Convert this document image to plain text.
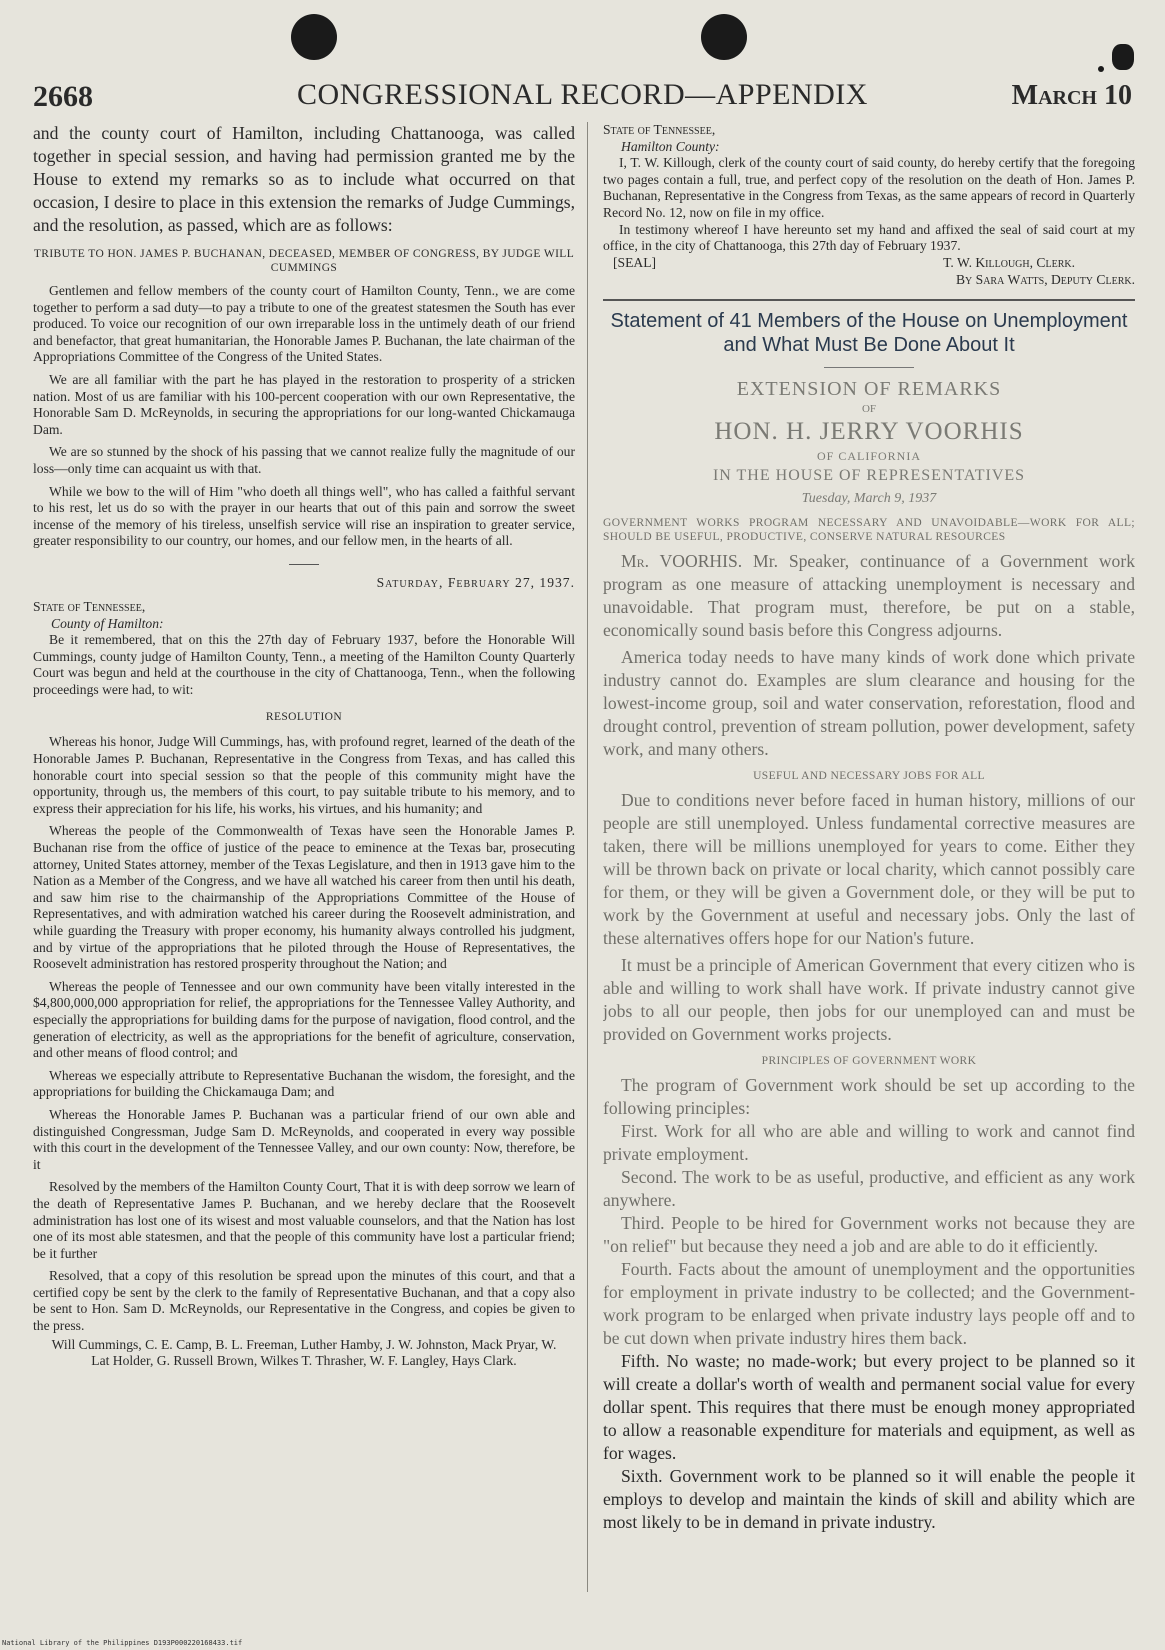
2668	CONGRESSIONAL RECORD—APPENDIX	March 10

and the county court of Hamilton, including Chattanooga, was called together in special session, and having had permission granted me by the House to extend my remarks so as to include what occurred on that occasion, I desire to place in this extension the remarks of Judge Cummings, and the resolution, as passed, which are as follows:

TRIBUTE TO HON. JAMES P. BUCHANAN, DECEASED, MEMBER OF CONGRESS, BY JUDGE WILL CUMMINGS

Gentlemen and fellow members of the county court of Hamilton County, Tenn., we are come together to perform a sad duty—to pay a tribute to one of the greatest statesmen the South has ever produced. To voice our recognition of our own irreparable loss in the untimely death of our friend and benefactor, that great humanitarian, the Honorable James P. Buchanan, the late chairman of the Appropriations Committee of the Congress of the United States.

We are all familiar with the part he has played in the restoration to prosperity of a stricken nation. Most of us are familiar with his 100-percent cooperation with our own Representative, the Honorable Sam D. McReynolds, in securing the appropriations for our long-wanted Chickamauga Dam.

We are so stunned by the shock of his passing that we cannot realize fully the magnitude of our loss—only time can acquaint us with that.

While we bow to the will of Him "who doeth all things well", who has called a faithful servant to his rest, let us do so with the prayer in our hearts that out of this pain and sorrow the sweet incense of the memory of his tireless, unselfish service will rise an inspiration to greater service, greater responsibility to our country, our homes, and our fellow men, in the hearts of all.

Saturday, February 27, 1937.

State of Tennessee,

County of Hamilton:

Be it remembered, that on this the 27th day of February 1937, before the Honorable Will Cummings, county judge of Hamilton County, Tenn., a meeting of the Hamilton County Quarterly Court was begun and held at the courthouse in the city of Chattanooga, Tenn., when the following proceedings were had, to wit:

RESOLUTION

Whereas his honor, Judge Will Cummings, has, with profound regret, learned of the death of the Honorable James P. Buchanan, Representative in the Congress from Texas, and has called this honorable court into special session so that the people of this community might have the opportunity, through us, the members of this court, to pay suitable tribute to his memory, and to express their appreciation for his life, his works, his virtues, and his humanity; and

Whereas the people of the Commonwealth of Texas have seen the Honorable James P. Buchanan rise from the office of justice of the peace to eminence at the Texas bar, prosecuting attorney, United States attorney, member of the Texas Legislature, and then in 1913 gave him to the Nation as a Member of the Congress, and we have all watched his career from then until his death, and saw him rise to the chairmanship of the Appropriations Committee of the House of Representatives, and with admiration watched his career during the Roosevelt administration, and while guarding the Treasury with proper economy, his humanity always controlled his judgment, and by virtue of the appropriations that he piloted through the House of Representatives, the Roosevelt administration has restored prosperity throughout the Nation; and

Whereas the people of Tennessee and our own community have been vitally interested in the $4,800,000,000 appropriation for relief, the appropriations for the Tennessee Valley Authority, and especially the appropriations for building dams for the purpose of navigation, flood control, and the generation of electricity, as well as the appropriations for the benefit of agriculture, conservation, and other means of flood control; and

Whereas we especially attribute to Representative Buchanan the wisdom, the foresight, and the appropriations for building the Chickamauga Dam; and

Whereas the Honorable James P. Buchanan was a particular friend of our own able and distinguished Congressman, Judge Sam D. McReynolds, and cooperated in every way possible with this court in the development of the Tennessee Valley, and our own county: Now, therefore, be it

Resolved by the members of the Hamilton County Court, That it is with deep sorrow we learn of the death of Representative James P. Buchanan, and we hereby declare that the Roosevelt administration has lost one of its wisest and most valuable counselors, and that the Nation has lost one of its most able statesmen, and that the people of this community have lost a particular friend; be it further

Resolved, that a copy of this resolution be spread upon the minutes of this court, and that a certified copy be sent by the clerk to the family of Representative Buchanan, and that a copy also be sent to Hon. Sam D. McReynolds, our Representative in the Congress, and copies be given to the press.

Will Cummings, C. E. Camp, B. L. Freeman, Luther Hamby, J. W. Johnston, Mack Pryar, W. Lat Holder, G. Russell Brown, Wilkes T. Thrasher, W. F. Langley, Hays Clark.

State of Tennessee,

Hamilton County:

I, T. W. Killough, clerk of the county court of said county, do hereby certify that the foregoing two pages contain a full, true, and perfect copy of the resolution on the death of Hon. James P. Buchanan, Representative in the Congress from Texas, as the same appears of record in Quarterly Record No. 12, now on file in my office.

In testimony whereof I have hereunto set my hand and affixed the seal of said court at my office, in the city of Chattanooga, this 27th day of February 1937.

[SEAL]	T. W. Killough, Clerk.

By Sara Watts, Deputy Clerk.

Statement of 41 Members of the House on Unemployment and What Must Be Done About It

EXTENSION OF REMARKS

OF

HON. H. JERRY VOORHIS

OF CALIFORNIA

IN THE HOUSE OF REPRESENTATIVES

Tuesday, March 9, 1937

GOVERNMENT WORKS PROGRAM NECESSARY AND UNAVOIDABLE—WORK FOR ALL; SHOULD BE USEFUL, PRODUCTIVE, CONSERVE NATURAL RESOURCES

Mr. VOORHIS. Mr. Speaker, continuance of a Government work program as one measure of attacking unemployment is necessary and unavoidable. That program must, therefore, be put on a stable, economically sound basis before this Congress adjourns.

America today needs to have many kinds of work done which private industry cannot do. Examples are slum clearance and housing for the lowest-income group, soil and water conservation, reforestation, flood and drought control, prevention of stream pollution, power development, safety work, and many others.

USEFUL AND NECESSARY JOBS FOR ALL

Due to conditions never before faced in human history, millions of our people are still unemployed. Unless fundamental corrective measures are taken, there will be millions unemployed for years to come. Either they will be thrown back on private or local charity, which cannot possibly care for them, or they will be given a Government dole, or they will be put to work by the Government at useful and necessary jobs. Only the last of these alternatives offers hope for our Nation's future.

It must be a principle of American Government that every citizen who is able and willing to work shall have work. If private industry cannot give jobs to all our people, then jobs for our unemployed can and must be provided on Government works projects.

PRINCIPLES OF GOVERNMENT WORK

The program of Government work should be set up according to the following principles:

First. Work for all who are able and willing to work and cannot find private employment.

Second. The work to be as useful, productive, and efficient as any work anywhere.

Third. People to be hired for Government works not because they are "on relief" but because they need a job and are able to do it efficiently.

Fourth. Facts about the amount of unemployment and the opportunities for employment in private industry to be collected; and the Government-work program to be enlarged when private industry lays people off and to be cut down when private industry hires them back.

Fifth. No waste; no made-work; but every project to be planned so it will create a dollar's worth of wealth and permanent social value for every dollar spent. This requires that there must be enough money appropriated to allow a reasonable expenditure for materials and equipment, as well as for wages.

Sixth. Government work to be planned so it will enable the people it employs to develop and maintain the kinds of skill and ability which are most likely to be in demand in private industry.

National Library of the Philippines D193P000220168433.tif
